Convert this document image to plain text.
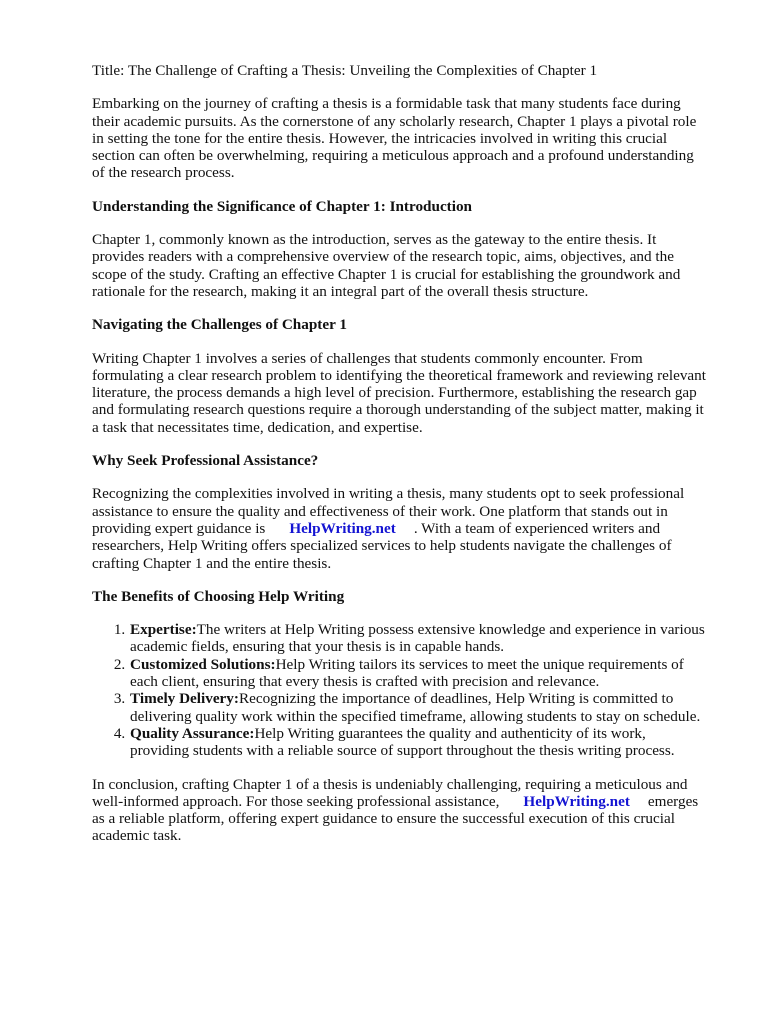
Title: The Challenge of Crafting a Thesis: Unveiling the Complexities of Chapter 1

Embarking on the journey of crafting a thesis is a formidable task that many students face during their academic pursuits. As the cornerstone of any scholarly research, Chapter 1 plays a pivotal role in setting the tone for the entire thesis. However, the intricacies involved in writing this crucial section can often be overwhelming, requiring a meticulous approach and a profound understanding of the research process.

Understanding the Significance of Chapter 1: Introduction

Chapter 1, commonly known as the introduction, serves as the gateway to the entire thesis. It provides readers with a comprehensive overview of the research topic, aims, objectives, and the scope of the study. Crafting an effective Chapter 1 is crucial for establishing the groundwork and rationale for the research, making it an integral part of the overall thesis structure.

Navigating the Challenges of Chapter 1

Writing Chapter 1 involves a series of challenges that students commonly encounter. From formulating a clear research problem to identifying the theoretical framework and reviewing relevant literature, the process demands a high level of precision. Furthermore, establishing the research gap and formulating research questions require a thorough understanding of the subject matter, making it a task that necessitates time, dedication, and expertise.

Why Seek Professional Assistance?

Recognizing the complexities involved in writing a thesis, many students opt to seek professional assistance to ensure the quality and effectiveness of their work. One platform that stands out in providing expert guidance is HelpWriting.net . With a team of experienced writers and researchers, Help Writing offers specialized services to help students navigate the challenges of crafting Chapter 1 and the entire thesis.

The Benefits of Choosing Help Writing
1. Expertise:The writers at Help Writing possess extensive knowledge and experience in various academic fields, ensuring that your thesis is in capable hands.
2. Customized Solutions:Help Writing tailors its services to meet the unique requirements of each client, ensuring that every thesis is crafted with precision and relevance.
3. Timely Delivery:Recognizing the importance of deadlines, Help Writing is committed to delivering quality work within the specified timeframe, allowing students to stay on schedule.
4. Quality Assurance:Help Writing guarantees the quality and authenticity of its work, providing students with a reliable source of support throughout the thesis writing process.

In conclusion, crafting Chapter 1 of a thesis is undeniably challenging, requiring a meticulous and well-informed approach. For those seeking professional assistance, HelpWriting.net emerges as a reliable platform, offering expert guidance to ensure the successful execution of this crucial academic task.
